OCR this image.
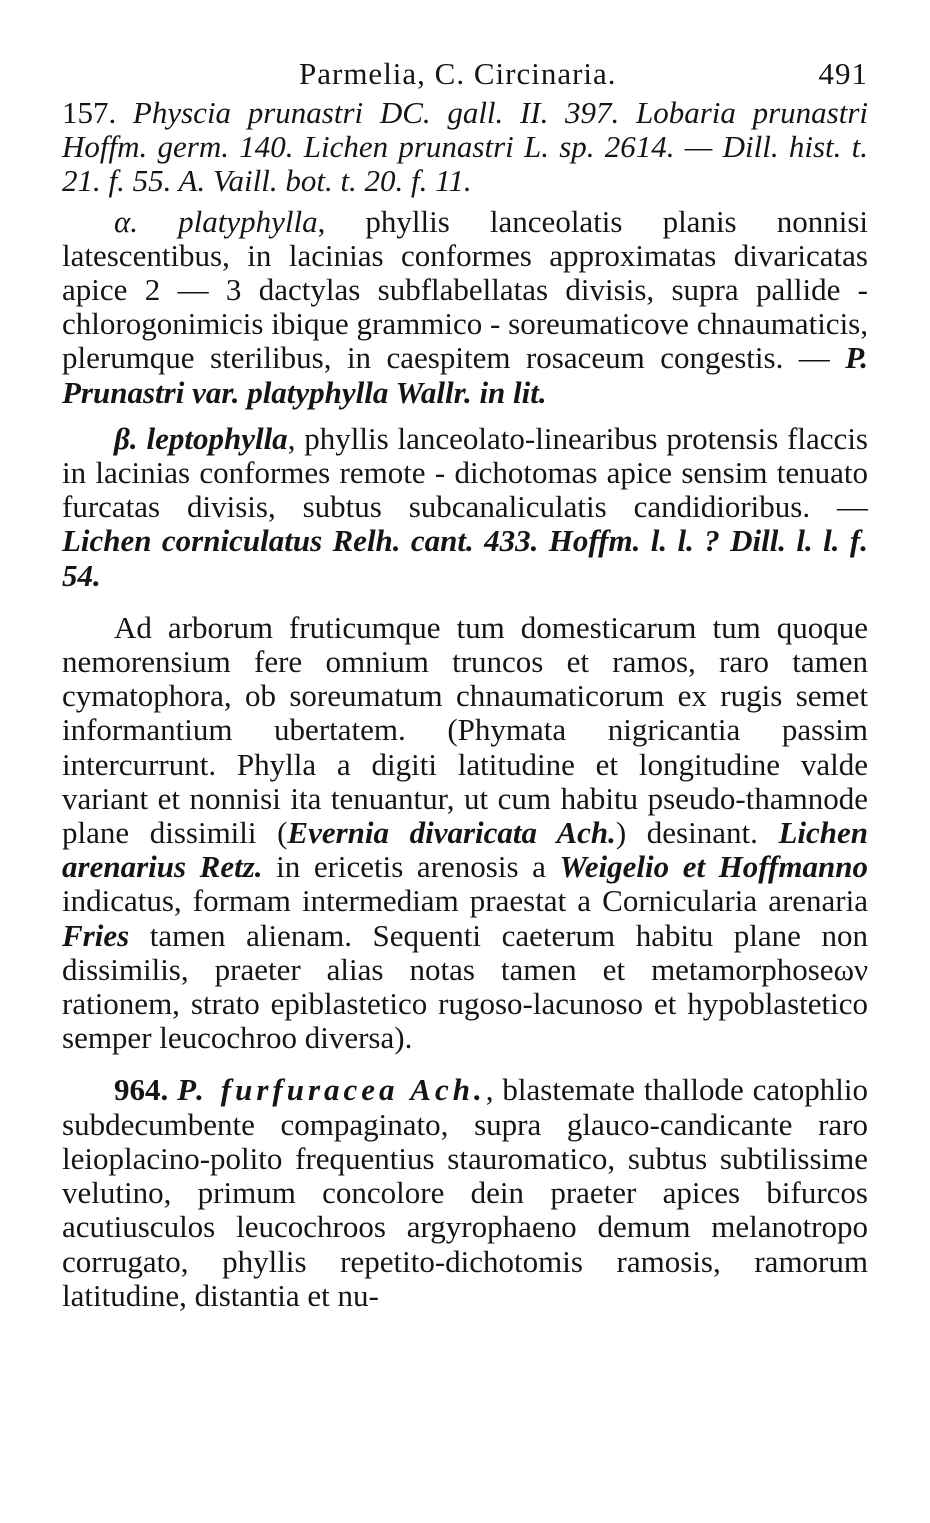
Parmelia, C. Circinaria.	491

157. Physcia prunastri DC. gall. II. 397. Lobaria prunastri Hoffm. germ. 140. Lichen prunastri L. sp. 2614. — Dill. hist. t. 21. f. 55. A. Vaill. bot. t. 20. f. 11.

α. platyphylla, phyllis lanceolatis planis nonnisi latescentibus, in lacinias conformes approximatas divaricatas apice 2 — 3 dactylas subflabellatas divisis, supra pallide - chlorogonimicis ibique grammico - soreumaticove chnaumaticis, plerumque sterilibus, in caespitem rosaceum congestis. — P. Prunastri var. platyphylla Wallr. in lit.

β. leptophylla, phyllis lanceolato-linearibus protensis flaccis in lacinias conformes remote - dichotomas apice sensim tenuato furcatas divisis, subtus subcanaliculatis candidioribus. — Lichen corniculatus Relh. cant. 433. Hoffm. l. l. ? Dill. l. l. f. 54.

Ad arborum fruticumque tum domesticarum tum quoque nemorensium fere omnium truncos et ramos, raro tamen cymatophora, ob soreumatum chnaumaticorum ex rugis semet informantium ubertatem. (Phymata nigricantia passim intercurrunt. Phylla a digiti latitudine et longitudine valde variant et nonnisi ita tenuantur, ut cum habitu pseudo-thamnode plane dissimili (Evernia divaricata Ach.) desinant. Lichen arenarius Retz. in ericetis arenosis a Weigelio et Hoffmanno indicatus, formam intermediam praestat a Cornicularia arenaria Fries tamen alienam. Sequenti caeterum habitu plane non dissimilis, praeter alias notas tamen et metamorphoseων rationem, strato epiblastetico rugoso-lacunoso et hypoblastetico semper leucochroo diversa).

964. P. furfuracea Ach., blastemate thallode catophlio subdecumbente compaginato, supra glauco-candicante raro leioplacino-polito frequentius stauromatico, subtus subtilissime velutino, primum concolore dein praeter apices bifurcos acutiusculos leucochroos argyrophaeno demum melanotropo corrugato, phyllis repetito-dichotomis ramosis, ramorum latitudine, distantia et nu-
